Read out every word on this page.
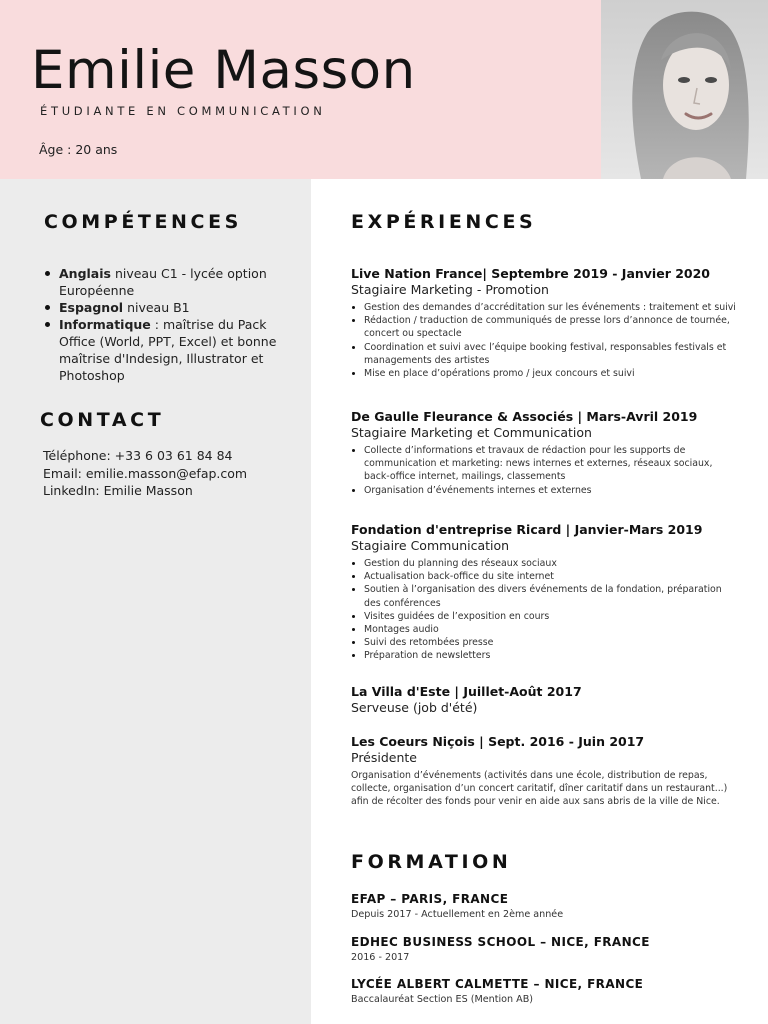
Emilie Masson
ÉTUDIANTE EN COMMUNICATION
Âge : 20 ans
COMPÉTENCES
Anglais niveau C1 - lycée option Européenne
Espagnol niveau B1
Informatique : maîtrise du Pack Office (World, PPT, Excel) et bonne maîtrise d'Indesign, Illustrator et Photoshop
CONTACT
Téléphone: +33 6 03 61 84 84
Email: emilie.masson@efap.com
LinkedIn: Emilie Masson
EXPÉRIENCES
Live Nation France| Septembre 2019 - Janvier 2020
Stagiaire Marketing - Promotion
Gestion des demandes d’accréditation sur les événements : traitement et suivi
Rédaction / traduction de communiqués de presse lors d’annonce de tournée, concert ou spectacle
Coordination et suivi avec l’équipe booking festival, responsables festivals et managements des artistes
Mise en place d’opérations promo / jeux concours et suivi
De Gaulle Fleurance & Associés | Mars-Avril 2019
Stagiaire Marketing et Communication
Collecte d’informations et travaux de rédaction pour les supports de communication et marketing: news internes et externes, réseaux sociaux, back-office internet, mailings, classements
Organisation d’événements internes et externes
Fondation d'entreprise Ricard | Janvier-Mars 2019
Stagiaire Communication
Gestion du planning des réseaux sociaux
Actualisation back-office du site internet
Soutien à l’organisation des divers événements de la fondation, préparation des conférences
Visites guidées de l’exposition en cours
Montages audio
Suivi des retombées presse
Préparation de newsletters
La Villa d'Este | Juillet-Août 2017
Serveuse (job d'été)
Les Coeurs Niçois | Sept. 2016 - Juin 2017
Présidente
Organisation d’événements (activités dans une école, distribution de repas, collecte, organisation d’un concert caritatif, dîner caritatif dans un restaurant...) afin de récolter des fonds pour venir en aide aux sans abris de la ville de Nice.
FORMATION
EFAP – PARIS, FRANCE
Depuis 2017 - Actuellement en 2ème année
EDHEC BUSINESS SCHOOL – NICE, FRANCE
2016 - 2017
LYCÉE ALBERT CALMETTE – NICE, FRANCE
Baccalauréat Section ES (Mention AB)
